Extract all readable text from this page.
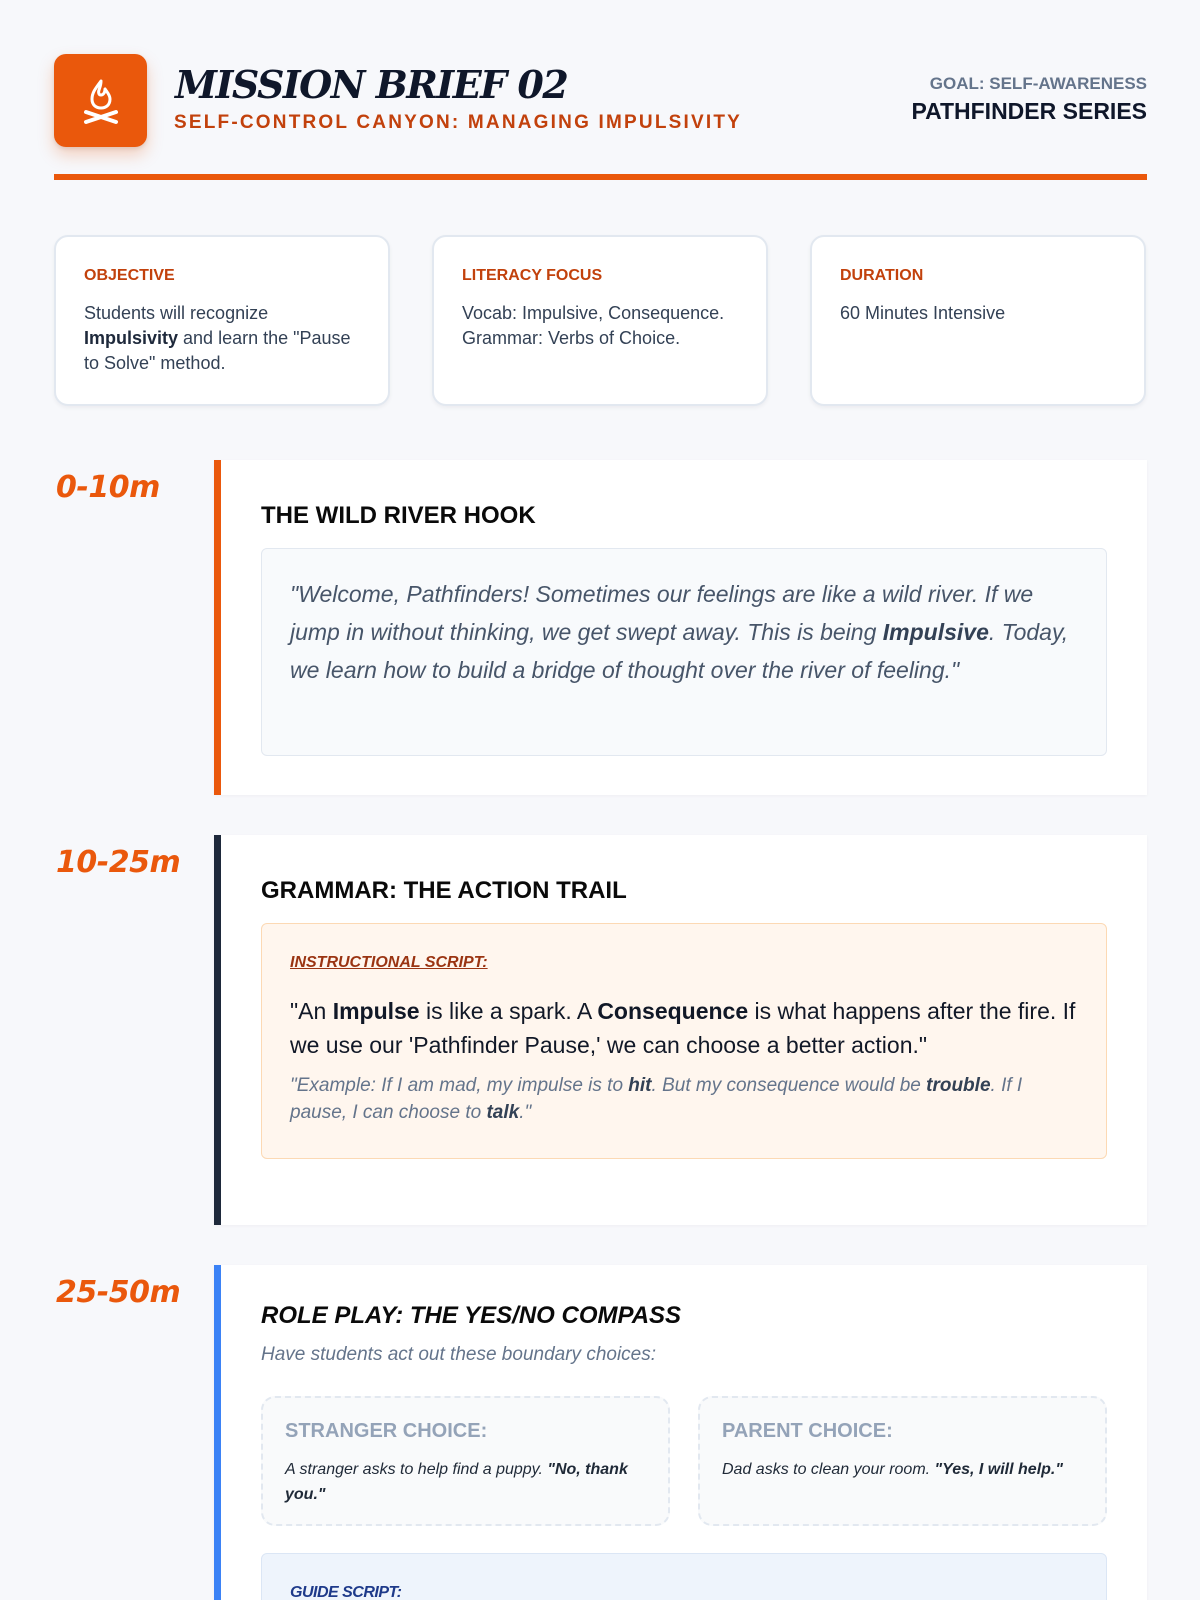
MISSION BRIEF 02
SELF-CONTROL CANYON: MANAGING IMPULSIVITY
GOAL: SELF-AWARENESS
PATHFINDER SERIES
OBJECTIVE
Students will recognize Impulsivity and learn the "Pause to Solve" method.
LITERACY FOCUS
Vocab: Impulsive, Consequence. Grammar: Verbs of Choice.
DURATION
60 Minutes Intensive
0-10m
THE WILD RIVER HOOK
"Welcome, Pathfinders! Sometimes our feelings are like a wild river. If we jump in without thinking, we get swept away. This is being Impulsive. Today, we learn how to build a bridge of thought over the river of feeling."
10-25m
GRAMMAR: THE ACTION TRAIL
INSTRUCTIONAL SCRIPT:
"An Impulse is like a spark. A Consequence is what happens after the fire. If we use our 'Pathfinder Pause,' we can choose a better action."
"Example: If I am mad, my impulse is to hit. But my consequence would be trouble. If I pause, I can choose to talk."
25-50m
ROLE PLAY: THE YES/NO COMPASS
Have students act out these boundary choices:
STRANGER CHOICE:
A stranger asks to help find a puppy. "No, thank you."
PARENT CHOICE:
Dad asks to clean your room. "Yes, I will help."
GUIDE SCRIPT:
